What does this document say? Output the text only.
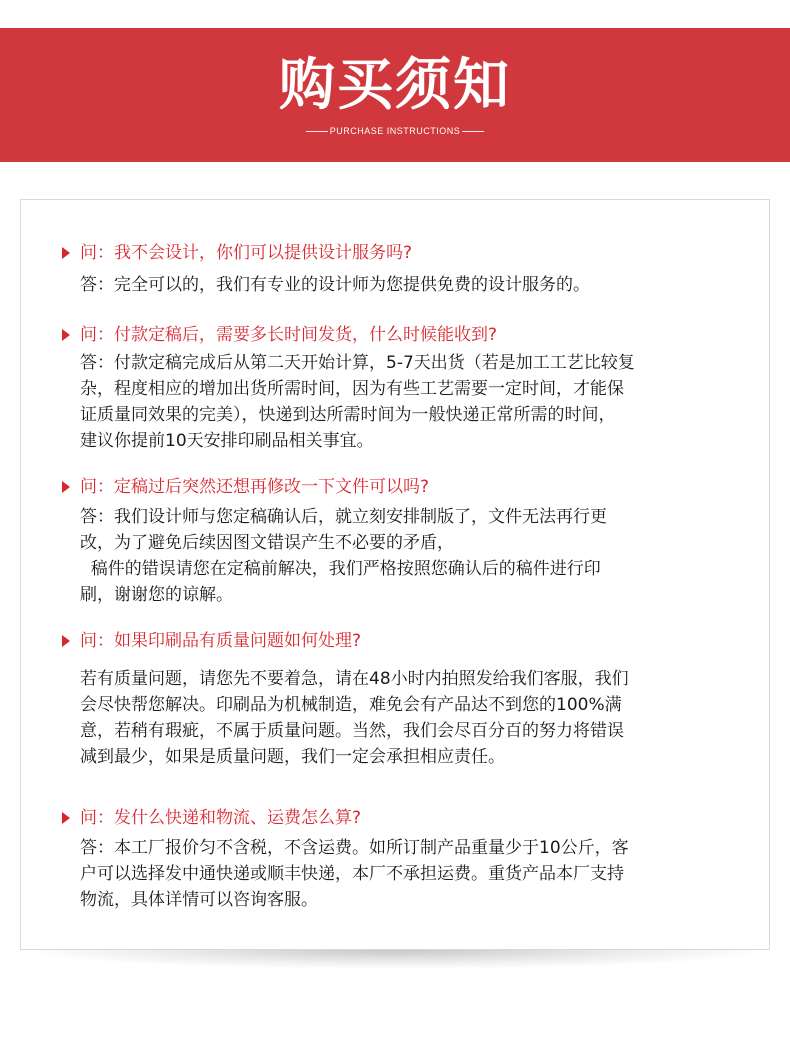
购买须知
PURCHASE INSTRUCTIONS
问：我不会设计，你们可以提供设计服务吗?

答：完全可以的，我们有专业的设计师为您提供免费的设计服务的。

问：付款定稿后，需要多长时间发货，什么时候能收到?

答：付款定稿完成后从第二天开始计算，5-7天出货（若是加工工艺比较复

杂，程度相应的增加出货所需时间，因为有些工艺需要一定时间，才能保

证质量同效果的完美），快递到达所需时间为一般快递正常所需的时间，

建议你提前10天安排印刷品相关事宜。

问：定稿过后突然还想再修改一下文件可以吗?

答：我们设计师与您定稿确认后，就立刻安排制版了，文件无法再行更

改，为了避免后续因图文错误产生不必要的矛盾，

稿件的错误请您在定稿前解决，我们严格按照您确认后的稿件进行印

刷，谢谢您的谅解。

问：如果印刷品有质量问题如何处理?

若有质量问题，请您先不要着急，请在48小时内拍照发给我们客服，我们

会尽快帮您解决。印刷品为机械制造，难免会有产品达不到您的100%满

意，若稍有瑕疵，不属于质量问题。当然，我们会尽百分百的努力将错误

减到最少，如果是质量问题，我们一定会承担相应责任。

问：发什么快递和物流、运费怎么算?

答：本工厂报价匀不含税，不含运费。如所订制产品重量少于10公斤，客

户可以选择发中通快递或顺丰快递，本厂不承担运费。重货产品本厂支持

物流，具体详情可以咨询客服。
